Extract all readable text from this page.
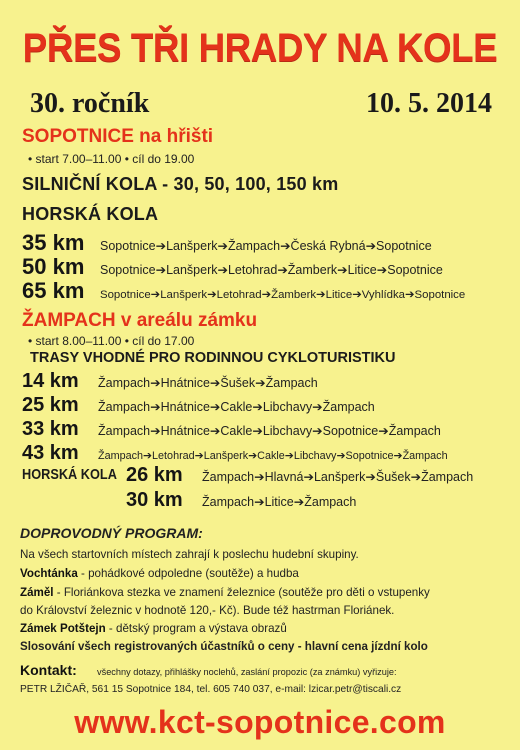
PŘES TŘI HRADY NA KOLE
30. ročník	10. 5. 2014
SOPOTNICE na hřišti
• start 7.00–11.00 • cíl do 19.00
SILNIČNÍ KOLA - 30, 50, 100, 150 km
HORSKÁ KOLA
35 km	Sopotnice➔Lanšperk➔Žampach➔Česká Rybná➔Sopotnice
50 km	Sopotnice➔Lanšperk➔Letohrad➔Žamberk➔Litice➔Sopotnice
65 km	Sopotnice➔Lanšperk➔Letohrad➔Žamberk➔Litice➔Vyhlídka➔Sopotnice
ŽAMPACH v areálu zámku
• start 8.00–11.00 • cíl do 17.00
TRASY VHODNÉ PRO RODINNOU CYKLOTURISTIKU
14 km	Žampach➔Hnátnice➔Šušek➔Žampach
25 km	Žampach➔Hnátnice➔Cakle➔Libchavy➔Žampach
33 km	Žampach➔Hnátnice➔Cakle➔Libchavy➔Sopotnice➔Žampach
43 km	Žampach➔Letohrad➔Lanšperk➔Cakle➔Libchavy➔Sopotnice➔Žampach
HORSKÁ KOLA 26 km	Žampach➔Hlavná➔Lanšperk➔Šušek➔Žampach
30 km	Žampach➔Litice➔Žampach
DOPROVODNÝ PROGRAM:
Na všech startovních místech zahrají k poslechu hudební skupiny.
Vochtánka - pohádkové odpoledne (soutěže) a hudba
Záměl - Floriánkova stezka ve znamení železnice (soutěže pro děti o vstupenky
do Království železnic v hodnotě 120,- Kč). Bude též hastrman Floriánek.
Zámek Potštejn - dětský program a výstava obrazů
Slosování všech registrovaných účastníků o ceny - hlavní cena jízdní kolo
Kontakt: všechny dotazy, přihlášky noclehů, zaslání propozic (za známku) vyřizuje:
PETR LŽIČAŘ, 561 15 Sopotnice 184, tel. 605 740 037, e-mail: lzicar.petr@tiscali.cz
www.kct-sopotnice.com
